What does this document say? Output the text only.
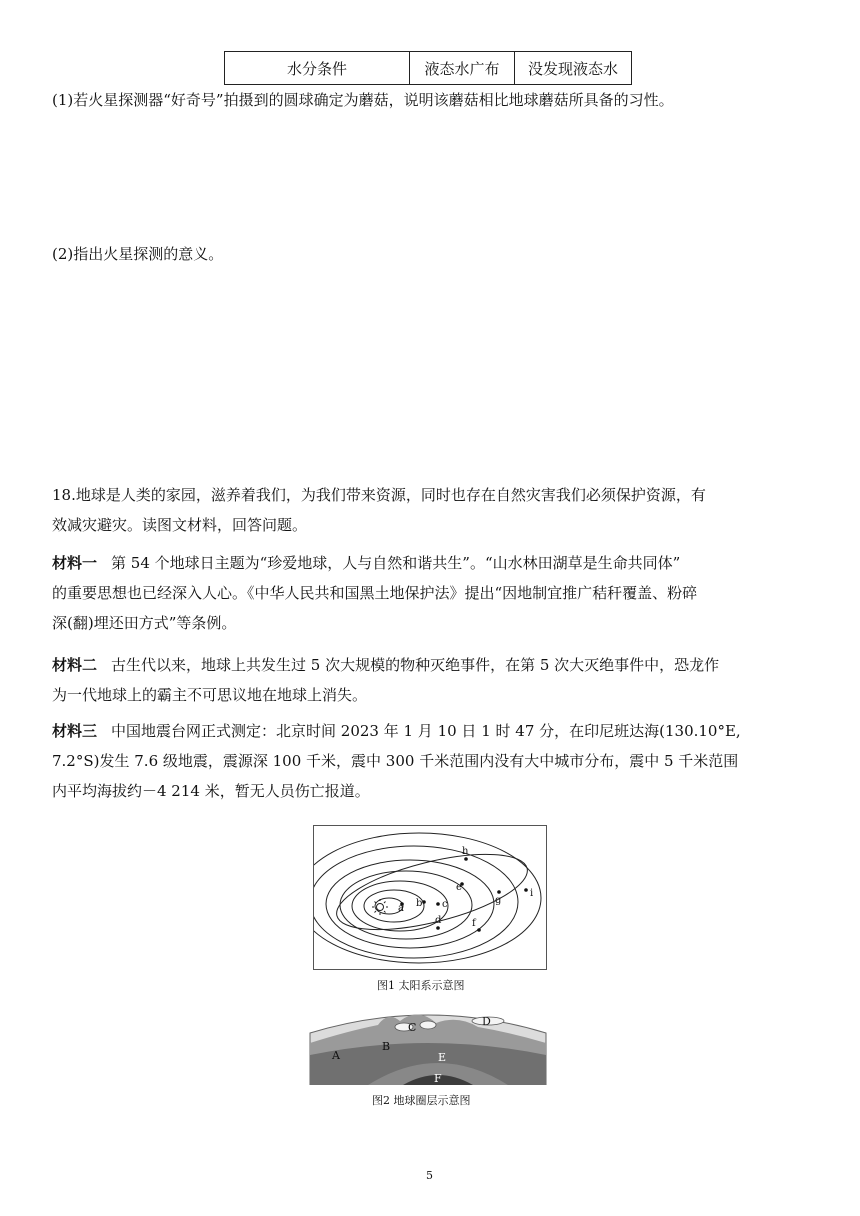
水分条件	液态水广布	没发现液态水
(1)若火星探测器“好奇号”拍摄到的圆球确定为蘑菇，说明该蘑菇相比地球蘑菇所具备的习性。
(2)指出火星探测的意义。
18.地球是人类的家园，滋养着我们，为我们带来资源，同时也存在自然灾害我们必须保护资源，有
效减灾避灾。读图文材料，回答问题。
材料一 第 54 个地球日主题为“珍爱地球，人与自然和谐共生”。“山水林田湖草是生命共同体”
的重要思想也已经深入人心。《中华人民共和国黑土地保护法》提出“因地制宜推广秸秆覆盖、粉碎
深(翻)埋还田方式”等条例。
材料二 古生代以来，地球上共发生过 5 次大规模的物种灭绝事件，在第 5 次大灭绝事件中，恐龙作
为一代地球上的霸主不可思议地在地球上消失。
材料三 中国地震台网正式测定：北京时间 2023 年 1 月 10 日 1 时 47 分，在印尼班达海(130.10°E,
7.2°S)发生 7.6 级地震，震源深 100 千米，震中 300 千米范围内没有大中城市分布，震中 5 千米范围
内平均海拔约－4 214 米，暂无人员伤亡报道。
a b c
d
e
f
g
h
i
图1 太阳系示意图
A
B
C	D
E
F
图2 地球圈层示意图
5
